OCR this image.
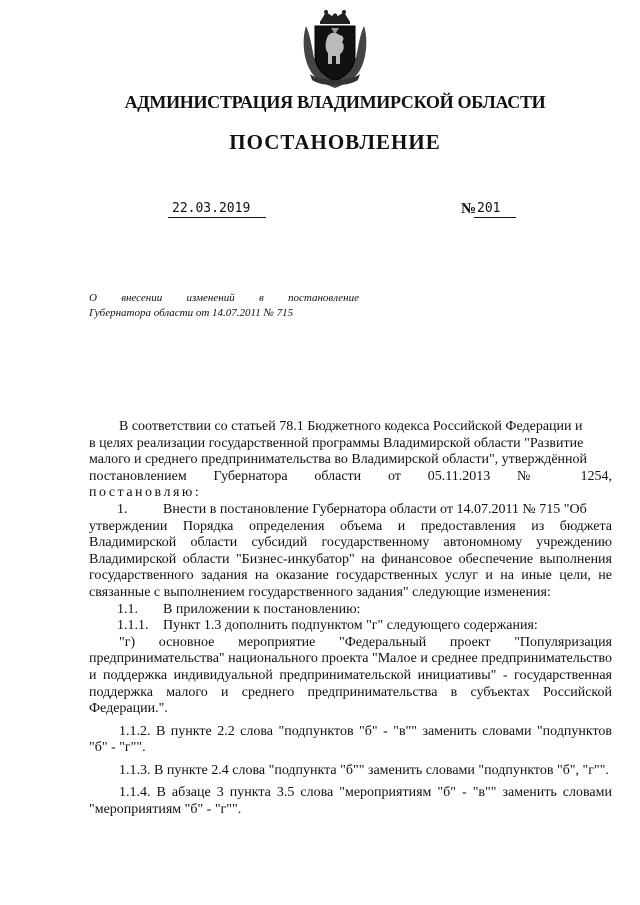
АДМИНИСТРАЦИЯ ВЛАДИМИРСКОЙ ОБЛАСТИ
ПОСТАНОВЛЕНИЕ
22.03.2019	№ 201
О внесении изменений в постановление
Губернатора области от 14.07.2011 № 715

В соответствии со статьей 78.1 Бюджетного кодекса Российской Федерации и

в целях реализации государственной программы Владимирской области "Развитие

малого и среднего предпринимательства во Владимирской области", утверждённой

постановлением Губернатора области от 05.11.2013 № 1254,

постановляю:

1.	Внести в постановление Губернатора области от 14.07.2011 № 715 "Об

утверждении Порядка определения объема и предоставления из бюджета Владимирской области субсидий государственному автономному учреждению Владимирской области "Бизнес-инкубатор" на финансовое обеспечение выполнения государственного задания на оказание государственных услуг и на иные цели, не связанные с выполнением государственного задания" следующие изменения:

1.1.	В приложении к постановлению:
1.1.1.	Пункт 1.3 дополнить подпунктом "г" следующего содержания:

"г) основное мероприятие "Федеральный проект "Популяризация предпринимательства" национального проекта "Малое и среднее предпринимательство и поддержка индивидуальной предпринимательской инициативы" - государственная поддержка малого и среднего предпринимательства в субъектах Российской Федерации.".

1.1.2. В пункте 2.2 слова "подпунктов "б" - "в"" заменить словами "подпунктов "б" - "г"".

1.1.3. В пункте 2.4 слова "подпункта "б"" заменить словами "подпунктов "б", "г"".

1.1.4. В абзаце 3 пункта 3.5 слова "мероприятиям "б" - "в"" заменить словами "мероприятиям "б" - "г"".
